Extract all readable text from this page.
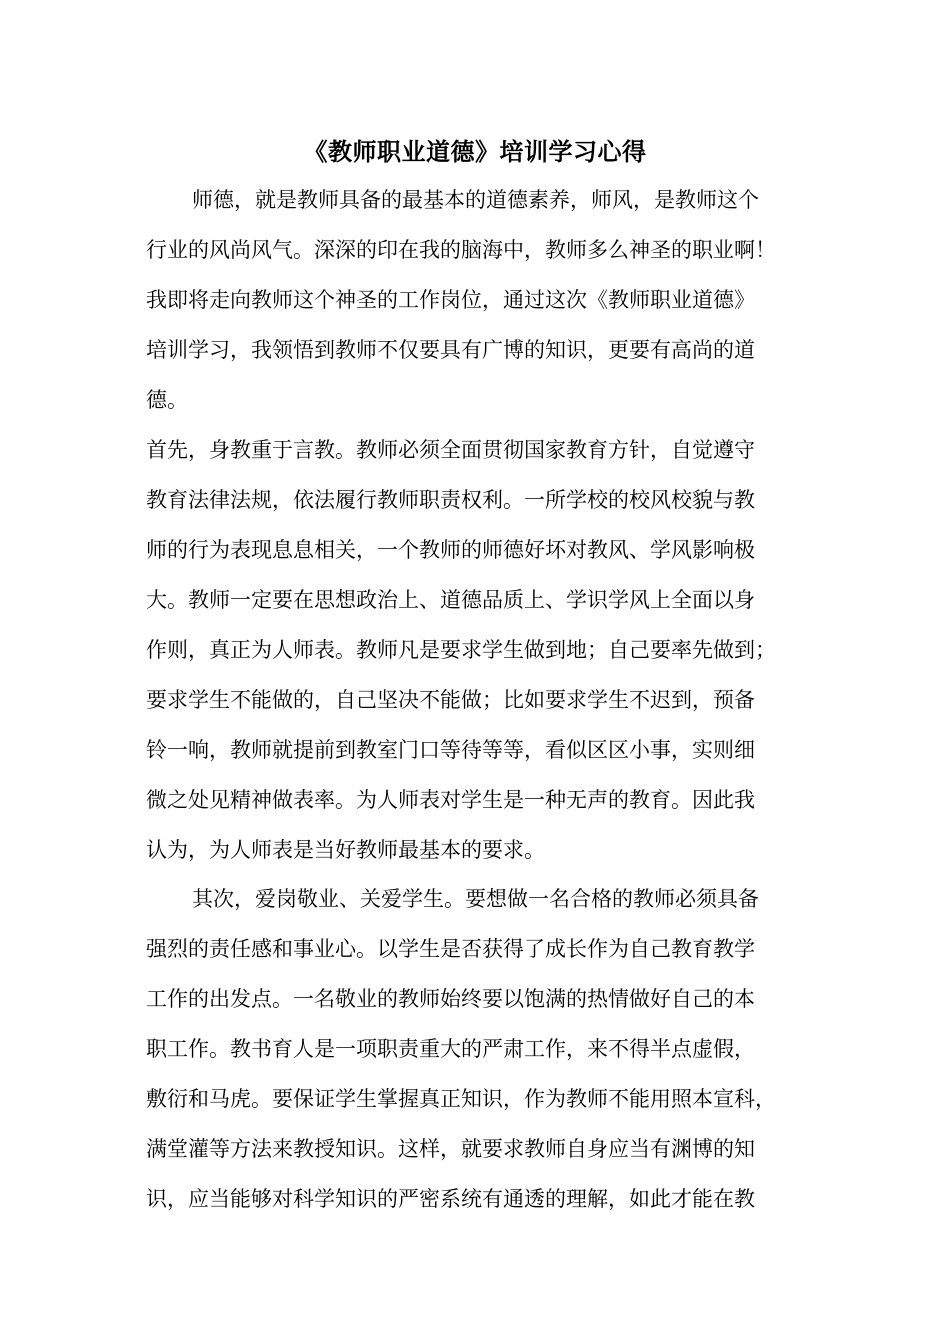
《教师职业道德》培训学习心得
师德，就是教师具备的最基本的道德素养，师风，是教师这个
行业的风尚风气。深深的印在我的脑海中，教师多么神圣的职业啊！
我即将走向教师这个神圣的工作岗位，通过这次《教师职业道德》
培训学习，我领悟到教师不仅要具有广博的知识，更要有高尚的道
德。
首先，身教重于言教。教师必须全面贯彻国家教育方针，自觉遵守
教育法律法规，依法履行教师职责权利。一所学校的校风校貌与教
师的行为表现息息相关，一个教师的师德好坏对教风、学风影响极
大。教师一定要在思想政治上、道德品质上、学识学风上全面以身
作则，真正为人师表。教师凡是要求学生做到地；自己要率先做到；
要求学生不能做的，自己坚决不能做；比如要求学生不迟到，预备
铃一响，教师就提前到教室门口等待等等，看似区区小事，实则细
微之处见精神做表率。为人师表对学生是一种无声的教育。因此我
认为，为人师表是当好教师最基本的要求。
其次，爱岗敬业、关爱学生。要想做一名合格的教师必须具备
强烈的责任感和事业心。以学生是否获得了成长作为自己教育教学
工作的出发点。一名敬业的教师始终要以饱满的热情做好自己的本
职工作。教书育人是一项职责重大的严肃工作，来不得半点虚假，
敷衍和马虎。要保证学生掌握真正知识，作为教师不能用照本宣科，
满堂灌等方法来教授知识。这样，就要求教师自身应当有渊博的知
识，应当能够对科学知识的严密系统有通透的理解，如此才能在教
